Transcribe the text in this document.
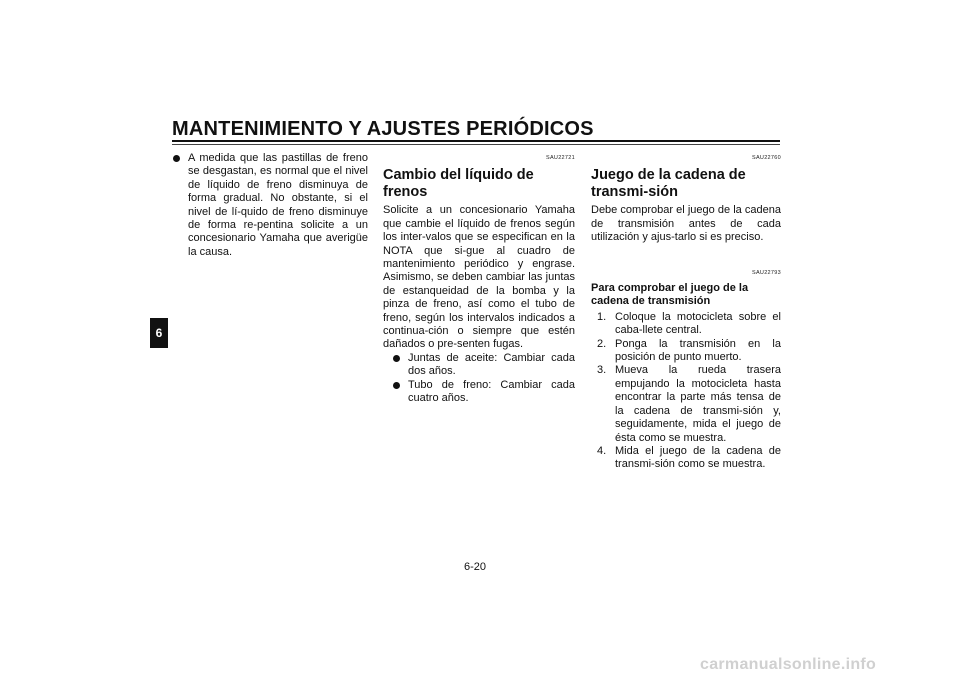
MANTENIMIENTO Y AJUSTES PERIÓDICOS
6
A medida que las pastillas de freno se desgastan, es normal que el nivel de líquido de freno disminuya de forma gradual. No obstante, si el nivel de lí-quido de freno disminuye de forma re-pentina solicite a un concesionario Yamaha que averigüe la causa.
SAU22721
Cambio del líquido de frenos

Solicite a un concesionario Yamaha que cambie el líquido de frenos según los inter-valos que se especifican en la NOTA que si-gue al cuadro de mantenimiento periódico y engrase. Asimismo, se deben cambiar las juntas de estanqueidad de la bomba y la pinza de freno, así como el tubo de freno, según los intervalos indicados a continua-ción o siempre que estén dañados o pre-senten fugas.

Juntas de aceite: Cambiar cada dos años.
Tubo de freno: Cambiar cada cuatro años.
SAU22760
Juego de la cadena de transmi-sión

Debe comprobar el juego de la cadena de transmisión antes de cada utilización y ajus-tarlo si es preciso.

SAU22793
Para comprobar el juego de la cadena de transmisión
1. Coloque la motocicleta sobre el caba-llete central.
2. Ponga la transmisión en la posición de punto muerto.
3. Mueva la rueda trasera empujando la motocicleta hasta encontrar la parte más tensa de la cadena de transmi-sión y, seguidamente, mida el juego de ésta como se muestra.
4. Mida el juego de la cadena de transmi-sión como se muestra.
6-20
carmanualsonline.info
